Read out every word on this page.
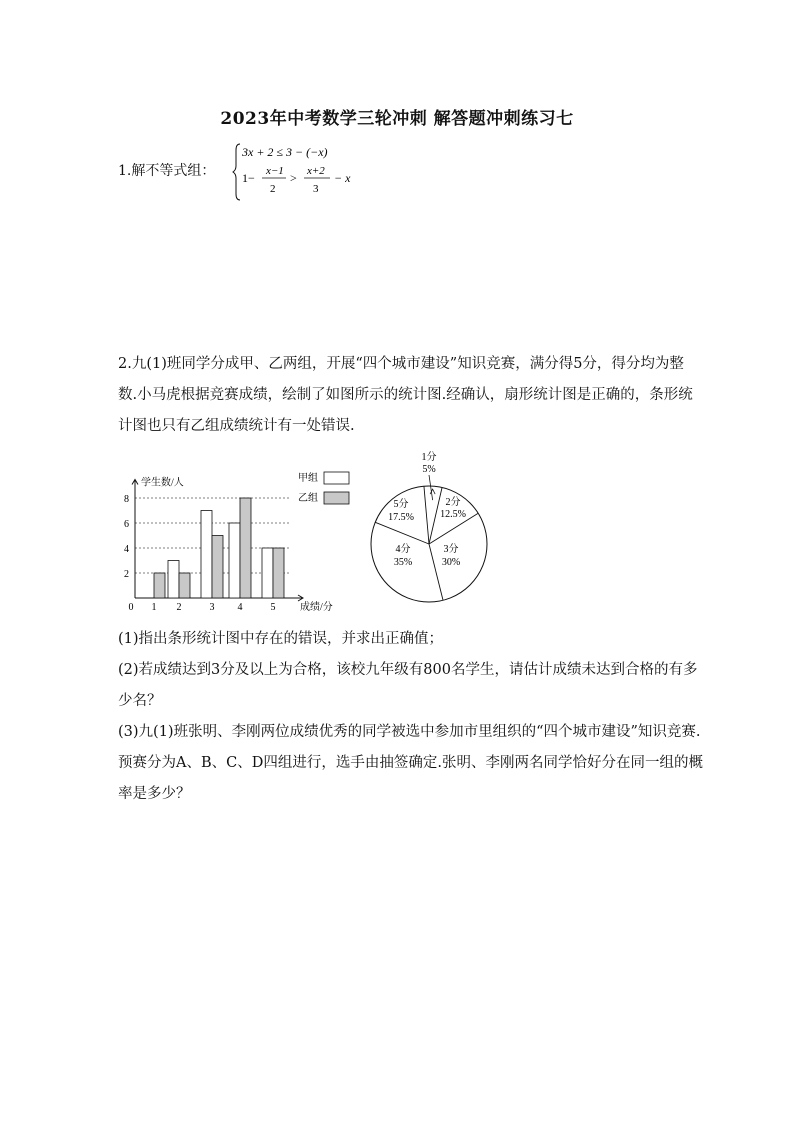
2023年中考数学三轮冲刺 解答题冲刺练习七
1.解不等式组：
3x + 2 ≤ 3 − (−x)
1− x−1
2
> x+2
3
− x
2.九(1)班同学分成甲、乙两组，开展“四个城市建设”知识竞赛，满分得5分，得分均为整数.小马虎根据竞赛成绩，绘制了如图所示的统计图.经确认，扇形统计图是正确的，条形统计图也只有乙组成绩统计有一处错误.
2
4
6
8
学生数/人
成绩/分
0 1 2	3 4	5
甲组
乙组
1分
5%
2分
12.5%
3分
30%
4分
35%
5分
17.5%
(1)指出条形统计图中存在的错误，并求出正确值；
(2)若成绩达到3分及以上为合格，该校九年级有800名学生，请估计成绩未达到合格的有多少名？
(3)九(1)班张明、李刚两位成绩优秀的同学被选中参加市里组织的“四个城市建设”知识竞赛.预赛分为A、B、C、D四组进行，选手由抽签确定.张明、李刚两名同学恰好分在同一组的概率是多少？
